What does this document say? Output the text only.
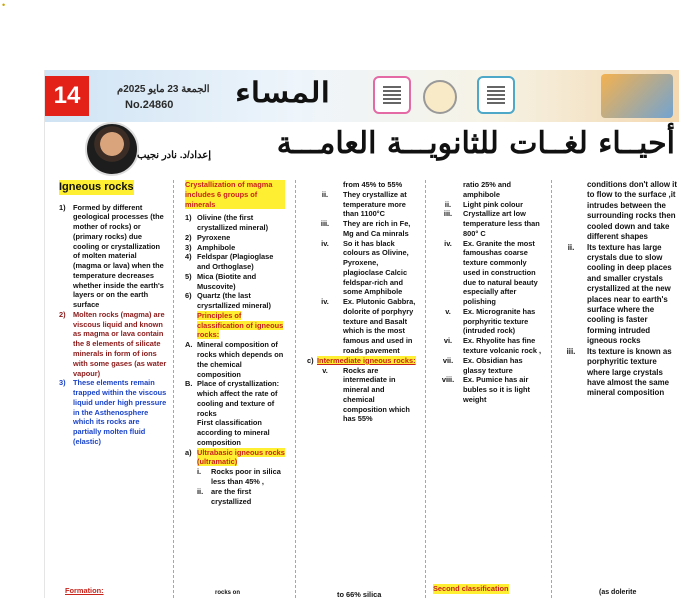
•
14	الجمعة 23 مايو 2025م
No.24860 المساء
إعداد/د. نادر نجيب	أحيــاء لغــات للثانويـــة العامـــة
Igneous rocks
1)	Formed by different geological processes (the mother of rocks) or (primary rocks) due cooling or crystallization of molten material (magma or lava) when the temperature decreases whether inside the earth's layers or on the earth surface
2)	Molten rocks (magma) are viscous liquid and known as magma or lava contain the 8 elements of silicate minerals in form of ions with some gases (as water vapour)
3)	These elements remain trapped within the viscous liquid under high pressure in the Asthenosphere which its rocks are partially molten fluid (elastic)
Formation:
Crystallization of magma includes 6 groups of minerals
1) Olivine (the first crystallized mineral)
2) Pyroxene
3) Amphibole
4) Feldspar (Plagioglase and Orthoglase)
5) Mica (Biotite and Muscovite)
6) Quartz (the last crysrtallized mineral)
Principles of classification of igneous rocks:
A. Mineral composition of rocks which depends on the chemical composition
B. Place of crystallization: which affect the rate of cooling and texture of rocks
First classification according to mineral composition
a) Ultrabasic igneous rocks (ultramatic)
i.	Rocks poor in silica less than 45% ,
ii.	are the first crystallized
rocks on
from 45% to 55%
ii.	They crystallize at temperature more than 1100°C
iii.	They are rich in Fe, Mg and Ca minrals
iv.	So it has black colours as Olivine, Pyroxene, plagioclase Calcic feldspar-rich and some Amphibole
iv.	Ex. Plutonic Gabbra, dolorite of porphyry texture and Basalt which is the most famous and used in roads pavement
c) Intermediate igneous rocks:
v.	Rocks are intermediate in mineral and chemical composition which has 55%
to 66% silica
ratio 25% and amphibole
ii.	Light pink colour
iii.	Crystallize art low temperature less than 800° C
iv.	Ex. Granite the most famoushas coarse texture commonly used in construction due to natural beauty especially after polishing
v.	Ex. Microgranite has porphyritic texture (intruded rock)
vi.	Ex. Rhyolite has fine texture volcanic rock ,
vii.	Ex. Obsidian has glassy texture
viii.	Ex. Pumice has air bubles so it is light weight
Second classification
conditions don't allow it to flow to the surface ,it intrudes between the surrounding rocks then cooled down and take different shapes
ii.	Its texture has large crystals due to slow cooling in deep places and smaller crystals crystallized at the new places near to earth's surface where the cooling is faster forming intruded igneous rocks
iii.	Its texture is known as porphyritic texture where large crystals have almost the same mineral composition
(as dolerite
